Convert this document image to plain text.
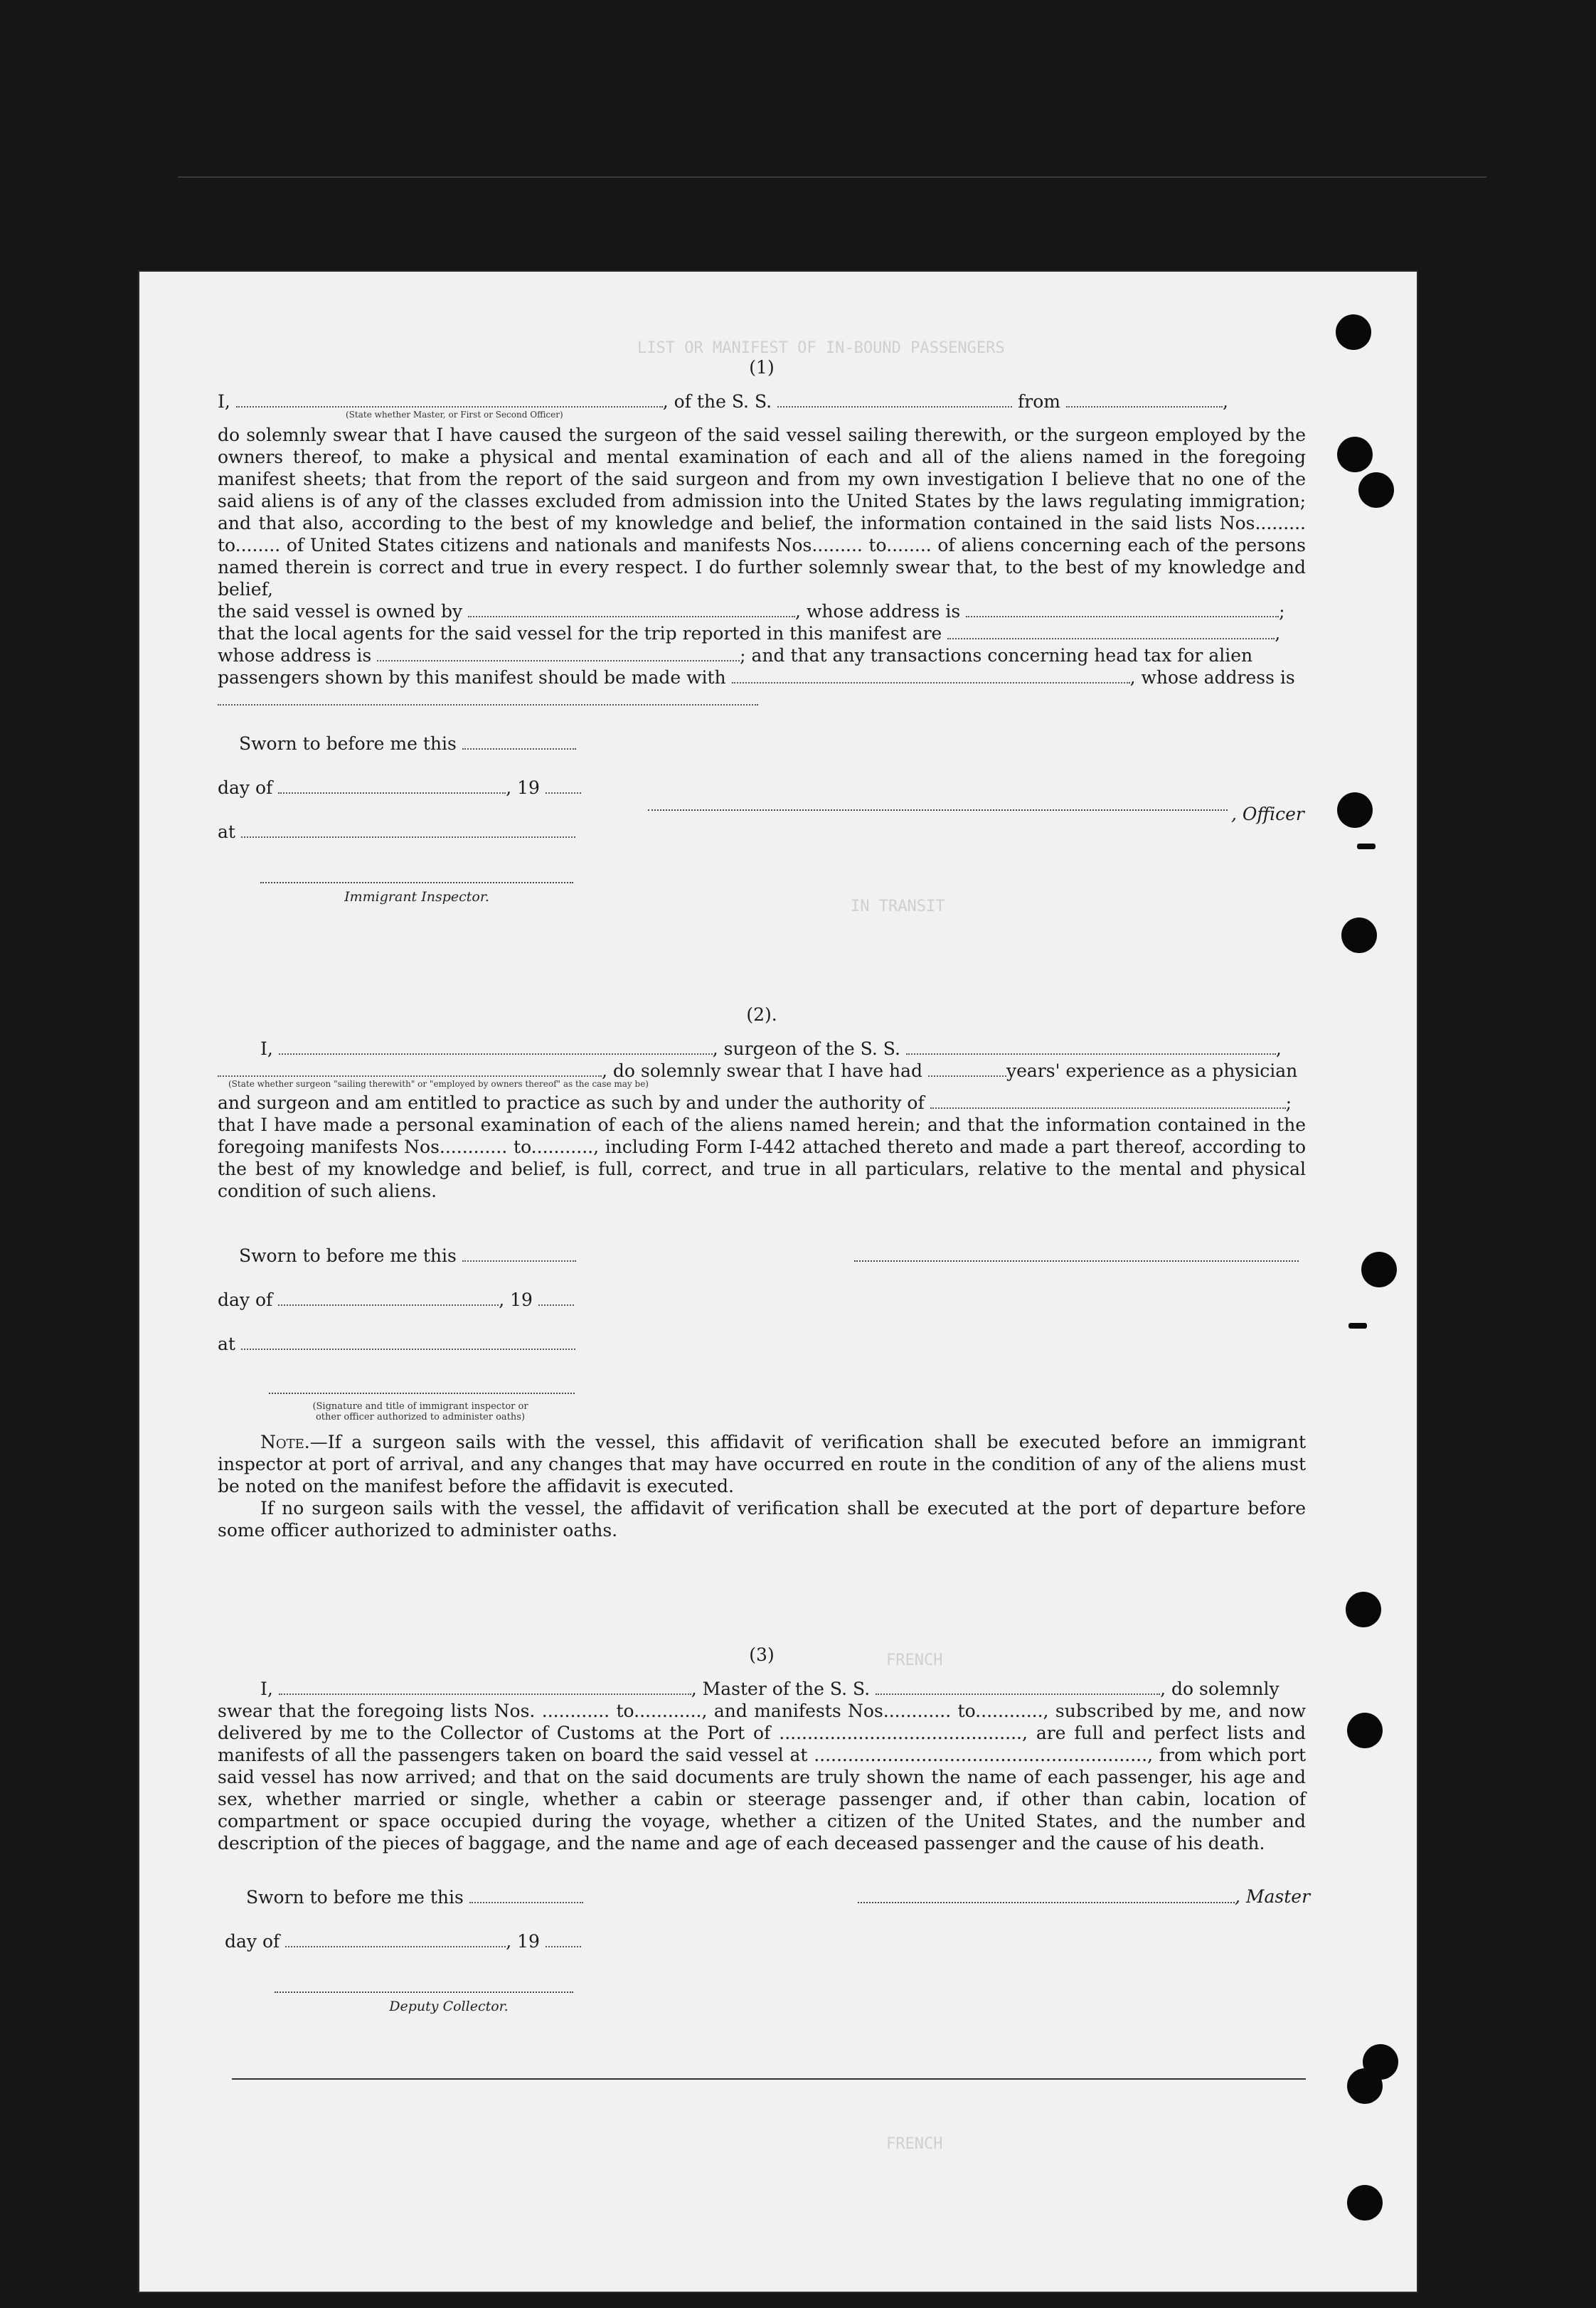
LIST OR MANIFEST OF IN-BOUND PASSENGERS
IN TRANSIT
FRENCH
FRENCH
(1)
I,	, of the S. S.	from	,
(State whether Master, or First or Second Officer)
do solemnly swear that I have caused the surgeon of the said vessel sailing therewith, or the surgeon employed by the owners thereof, to make a physical and mental examination of each and all of the aliens named in the foregoing manifest sheets; that from the report of the said surgeon and from my own investigation I believe that no one of the said aliens is of any of the classes excluded from admission into the United States by the laws regulating immigration; and that also, according to the best of my knowledge and belief, the information contained in the said lists Nos......... to........ of United States citizens and nationals and manifests Nos......... to........ of aliens concerning each of the persons named therein is correct and true in every respect. I do further solemnly swear that, to the best of my knowledge and belief,
the said vessel is owned by	, whose address is	;
that the local agents for the said vessel for the trip reported in this manifest are	,
whose address is	; and that any transactions concerning head tax for alien
passengers shown by this manifest should be made with	, whose address is
Sworn to before me this
day of	, 19
at
Immigrant Inspector.
, Officer
(2).
I,	, surgeon of the S. S.	,
, do solemnly swear that I have had	years' experience as a physician
(State whether surgeon "sailing therewith" or "employed by owners thereof" as the case may be)
and surgeon and am entitled to practice as such by and under the authority of	;
that I have made a personal examination of each of the aliens named herein; and that the information contained in the foregoing manifests Nos............ to..........., including Form I-442 attached thereto and made a part thereof, according to the best of my knowledge and belief, is full, correct, and true in all particulars, relative to the mental and physical condition of such aliens.
Sworn to before me this
day of	, 19
at
(Signature and title of immigrant inspector or
other officer authorized to administer oaths)
Note.—If a surgeon sails with the vessel, this affidavit of verification shall be executed before an immigrant inspector at port of arrival, and any changes that may have occurred en route in the condition of any of the aliens must be noted on the manifest before the affidavit is executed.
If no surgeon sails with the vessel, the affidavit of verification shall be executed at the port of departure before some officer authorized to administer oaths.
(3)
I,	, Master of the S. S.	, do solemnly
swear that the foregoing lists Nos. ............ to............, and manifests Nos............ to............, subscribed by me, and now delivered by me to the Collector of Customs at the Port of ..........................................., are full and perfect lists and manifests of all the passengers taken on board the said vessel at ..........................................................., from which port said vessel has now arrived; and that on the said documents are truly shown the name of each passenger, his age and sex, whether married or single, whether a cabin or steerage passenger and, if other than cabin, location of compartment or space occupied during the voyage, whether a citizen of the United States, and the number and description of the pieces of baggage, and the name and age of each deceased passenger and the cause of his death.
Sworn to before me this	, Master
day of	, 19
Deputy Collector.
